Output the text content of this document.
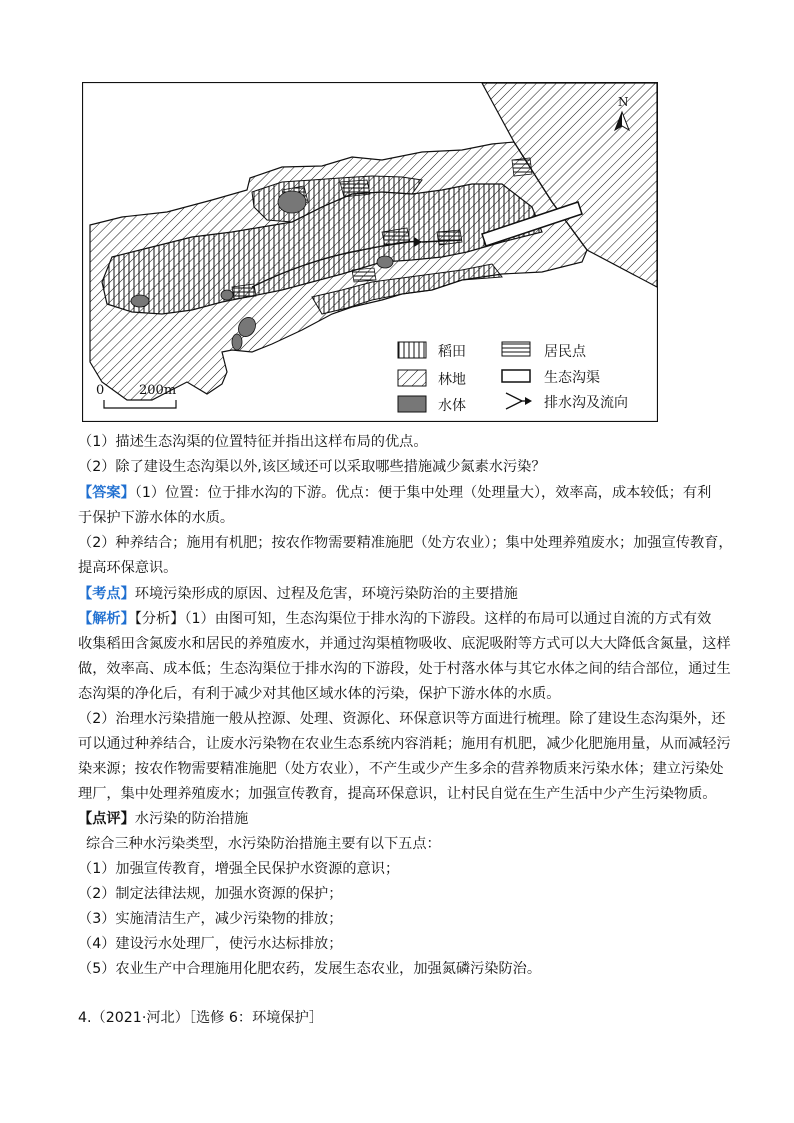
N
0	200m
稻田
林地
水体
居民点
生态沟渠
排水沟及流向
（1）描述生态沟渠的位置特征并指出这样布局的优点。
（2）除了建设生态沟渠以外,该区域还可以采取哪些措施减少氮素水污染？
【答案】（1）位置：位于排水沟的下游。优点：便于集中处理（处理量大），效率高，成本较低；有利
于保护下游水体的水质。
（2）种养结合；施用有机肥；按农作物需要精准施肥（处方农业）；集中处理养殖废水；加强宣传教育，
提高环保意识。
【考点】环境污染形成的原因、过程及危害，环境污染防治的主要措施
【解析】【分析】（1）由图可知，生态沟渠位于排水沟的下游段。这样的布局可以通过自流的方式有效
收集稻田含氮废水和居民的养殖废水，并通过沟渠植物吸收、底泥吸附等方式可以大大降低含氮量，这样
做，效率高、成本低；生态沟渠位于排水沟的下游段，处于村落水体与其它水体之间的结合部位，通过生
态沟渠的净化后，有利于减少对其他区域水体的污染，保护下游水体的水质。
（2）治理水污染措施一般从控源、处理、资源化、环保意识等方面进行梳理。除了建设生态沟渠外，还
可以通过种养结合，让废水污染物在农业生态系统内容消耗；施用有机肥，减少化肥施用量，从而减轻污
染来源；按农作物需要精准施肥（处方农业），不产生或少产生多余的营养物质来污染水体；建立污染处
理厂，集中处理养殖废水；加强宣传教育，提高环保意识，让村民自觉在生产生活中少产生污染物质。
【点评】水污染的防治措施
综合三种水污染类型，水污染防治措施主要有以下五点：
（1）加强宣传教育，增强全民保护水资源的意识；
（2）制定法律法规，加强水资源的保护；
（3）实施清洁生产，减少污染物的排放；
（4）建设污水处理厂，使污水达标排放；
（5）农业生产中合理施用化肥农药，发展生态农业，加强氮磷污染防治。
4.（2021·河北）［选修 6：环境保护］
